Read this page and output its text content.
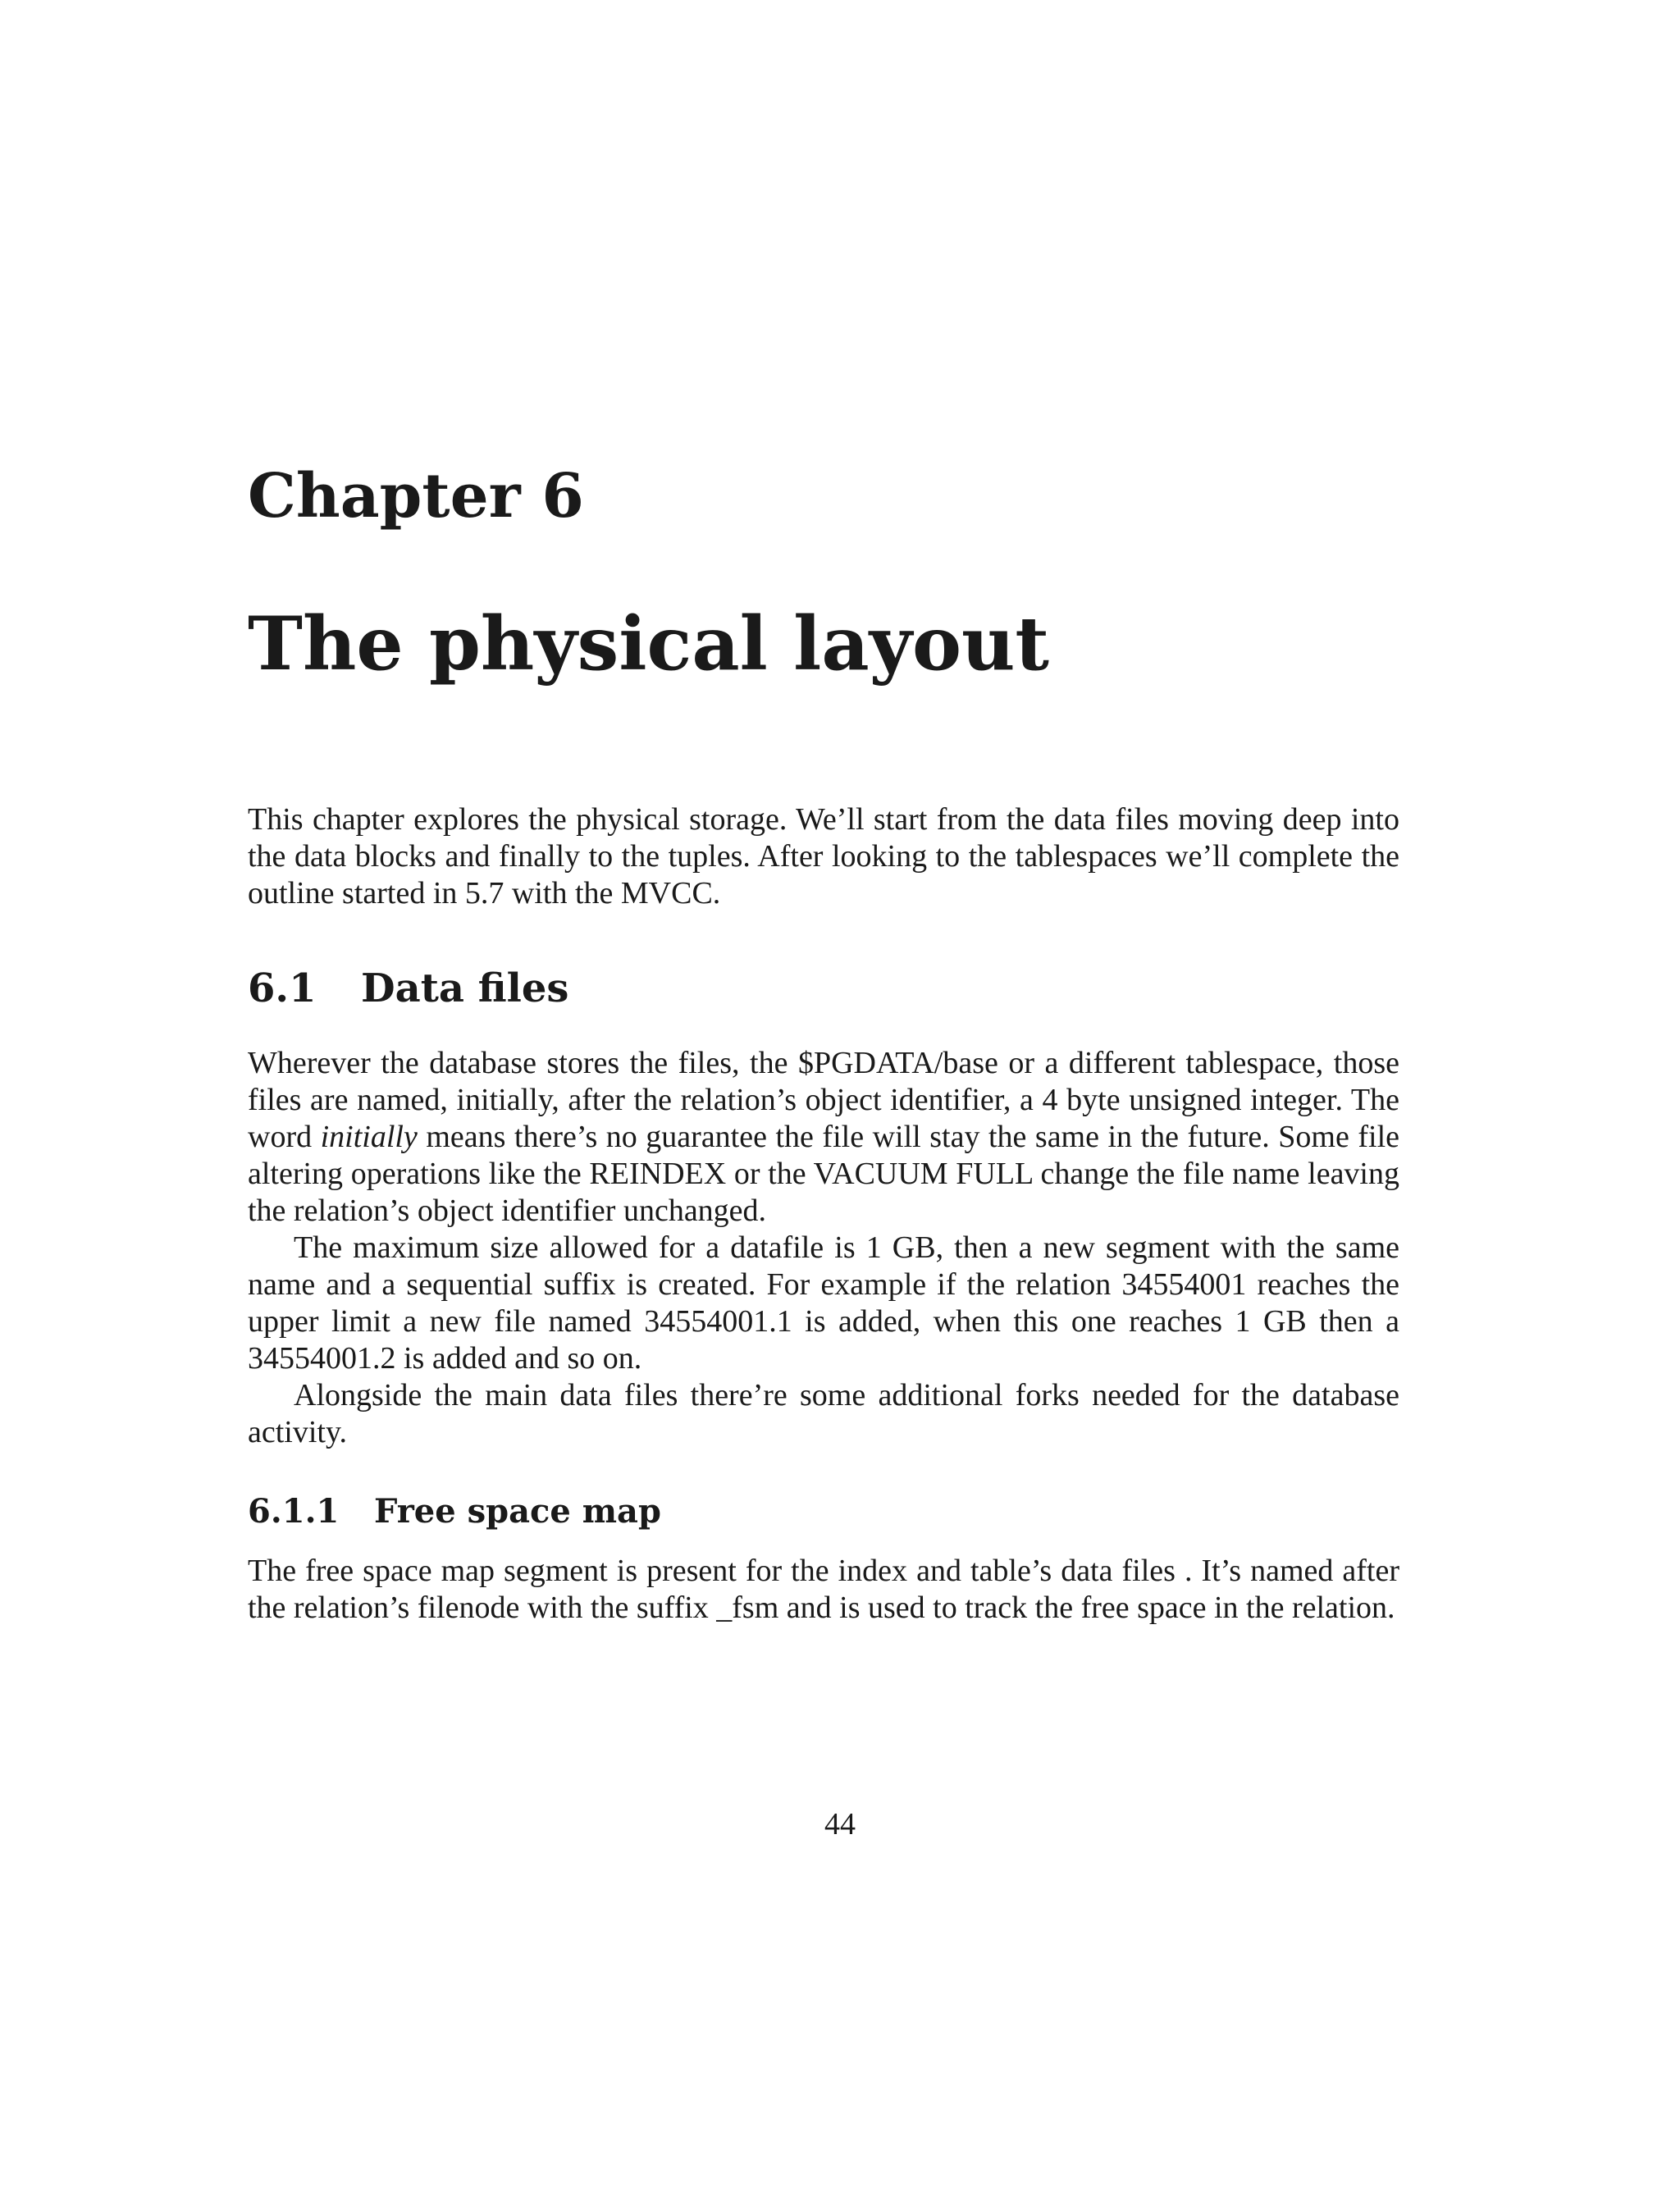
Chapter 6
The physical layout

This chapter explores the physical storage. We’ll start from the data files moving deep into the data blocks and finally to the tuples. After looking to the tablespaces we’ll complete the outline started in 5.7 with the MVCC.

6.1 Data files

Wherever the database stores the files, the $PGDATA/base or a different tablespace, those files are named, initially, after the relation’s object identifier, a 4 byte unsigned integer. The word initially means there’s no guarantee the file will stay the same in the future. Some file altering operations like the REINDEX or the VACUUM FULL change the file name leaving the relation’s object identifier unchanged.

The maximum size allowed for a datafile is 1 GB, then a new segment with the same name and a sequential suffix is created. For example if the relation 34554001 reaches the upper limit a new file named 34554001.1 is added, when this one reaches 1 GB then a 34554001.2 is added and so on.

Alongside the main data files there’re some additional forks needed for the database activity.

6.1.1 Free space map

The free space map segment is present for the index and table’s data files . It’s named after the relation’s filenode with the suffix _fsm and is used to track the free space in the relation.

44
